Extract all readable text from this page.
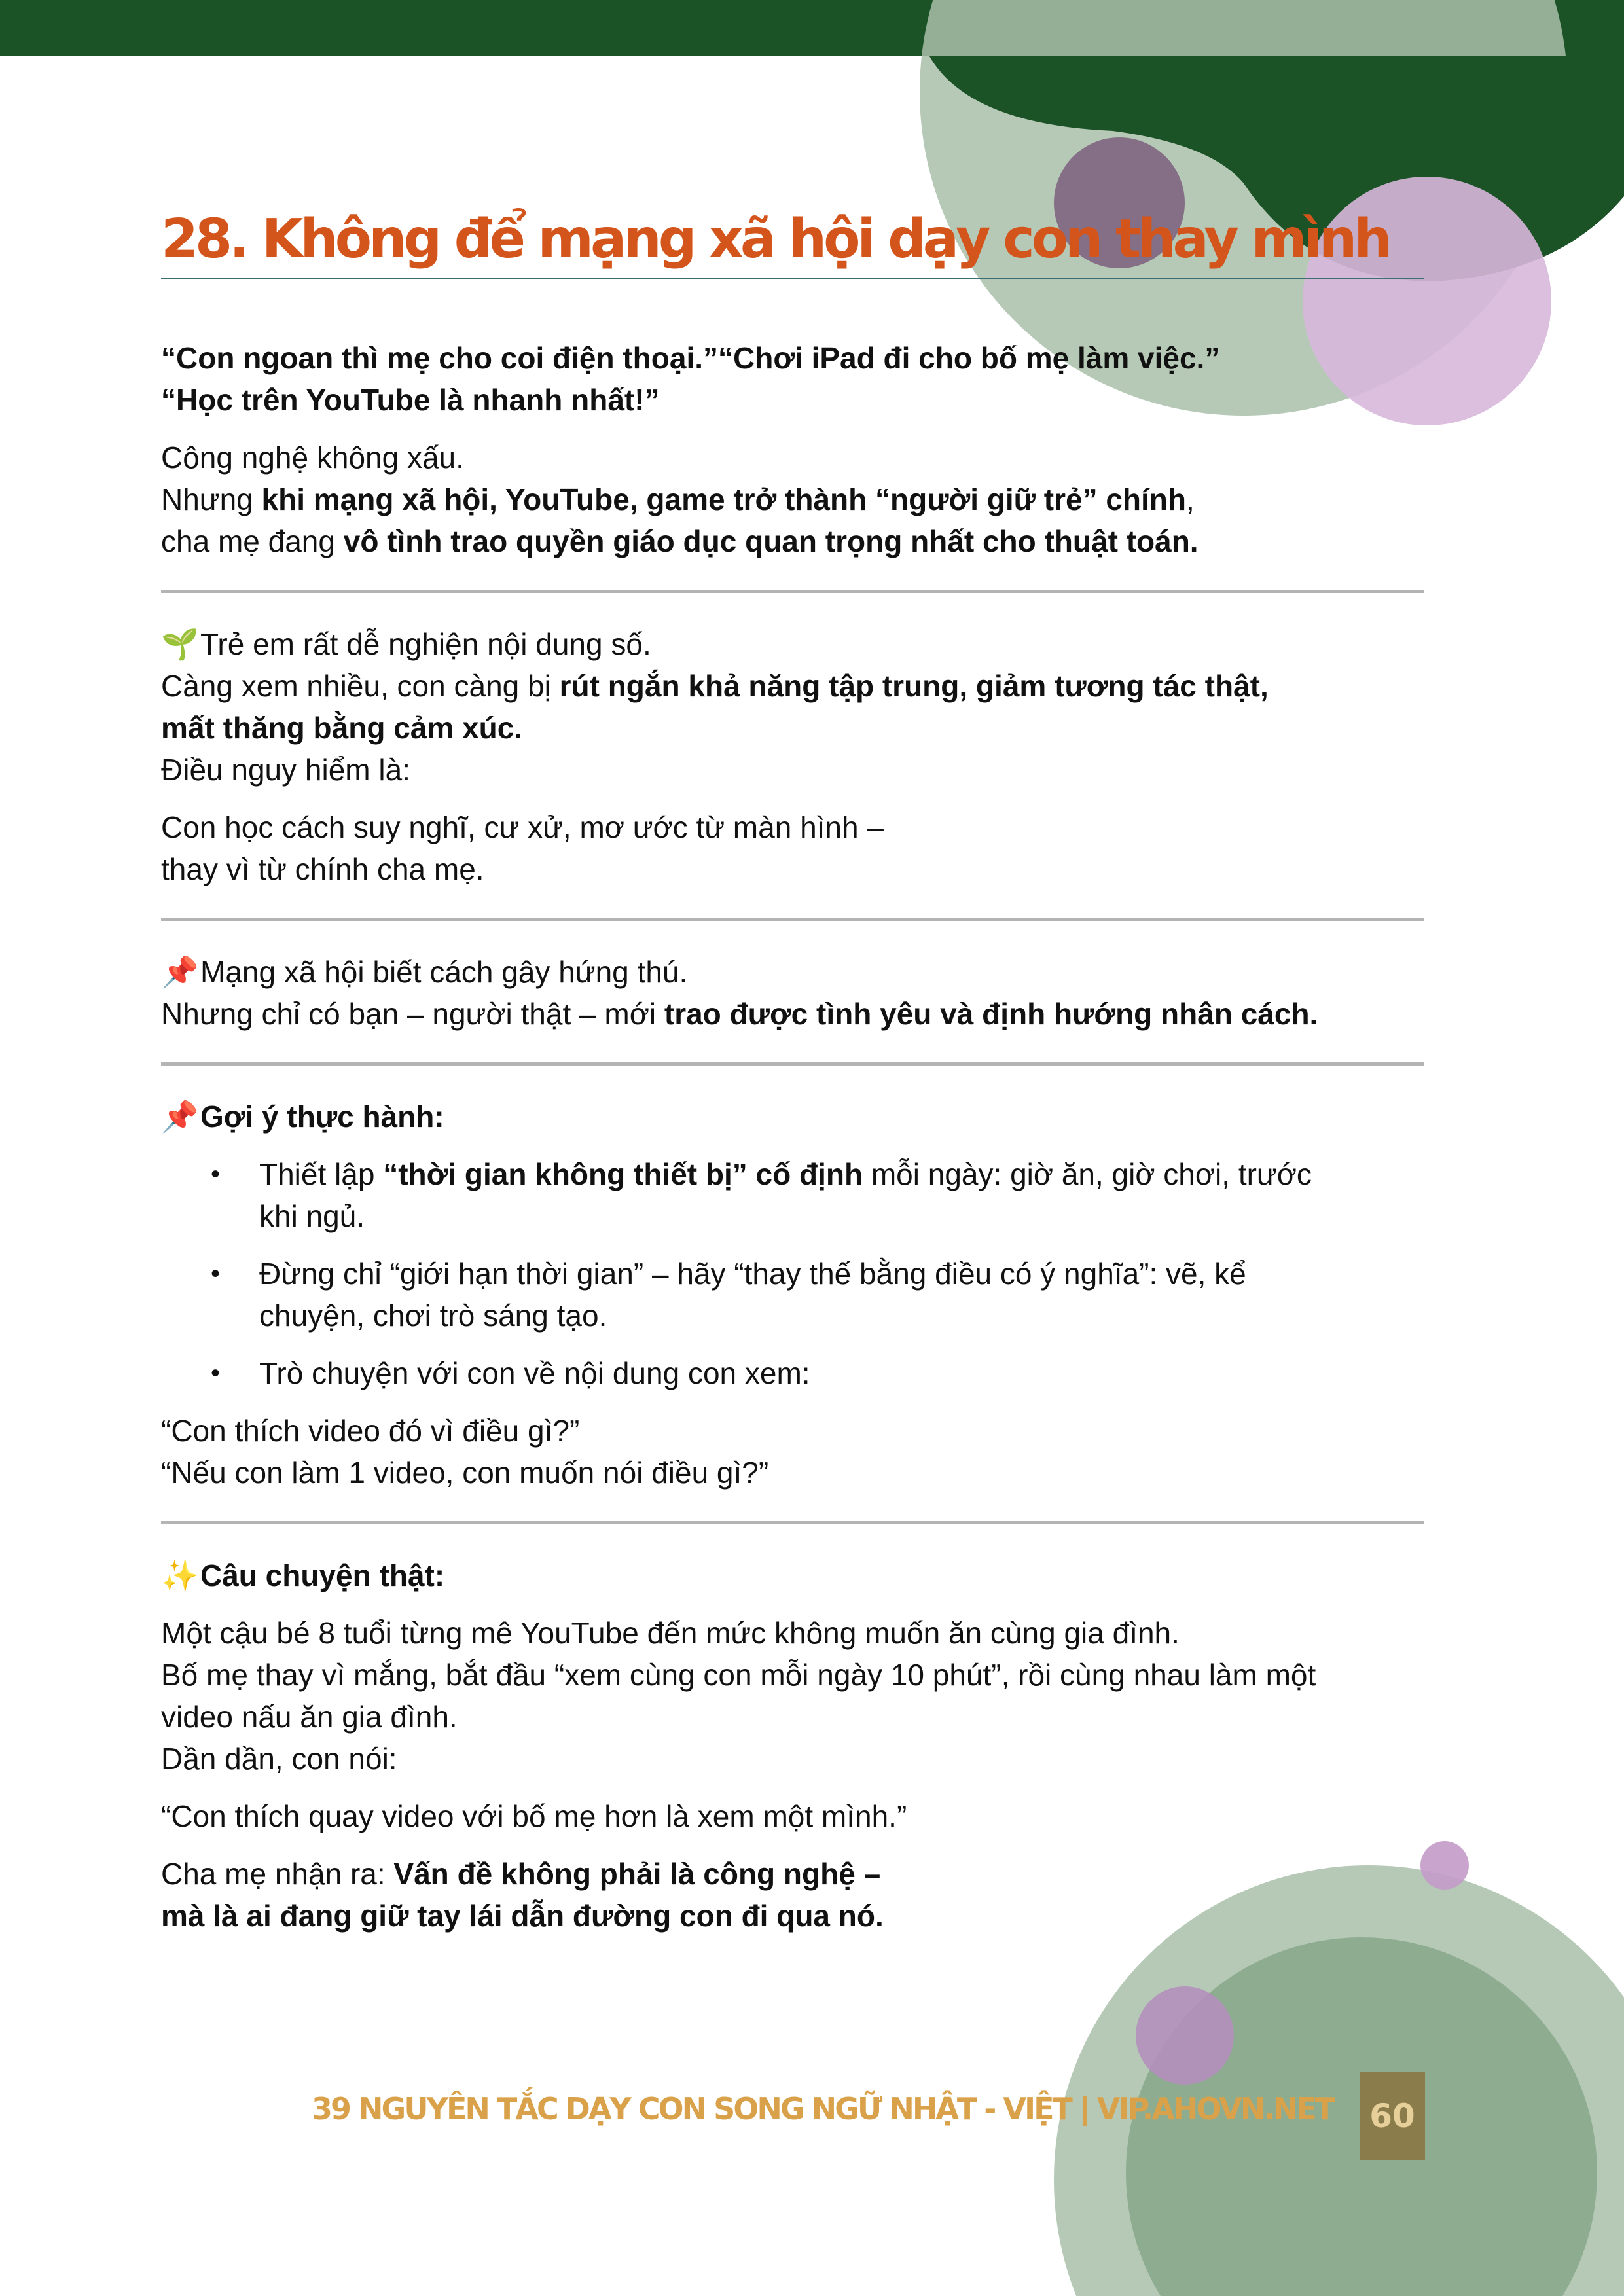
28. Không để mạng xã hội dạy con thay mình

“Con ngoan thì mẹ cho coi điện thoại.”“Chơi iPad đi cho bố mẹ làm việc.”

“Học trên YouTube là nhanh nhất!”

Công nghệ không xấu.

Nhưng khi mạng xã hội, YouTube, game trở thành “người giữ trẻ” chính,

cha mẹ đang vô tình trao quyền giáo dục quan trọng nhất cho thuật toán.

🌱Trẻ em rất dễ nghiện nội dung số.

Càng xem nhiều, con càng bị rút ngắn khả năng tập trung, giảm tương tác thật,

mất thăng bằng cảm xúc.

Điều nguy hiểm là:

Con học cách suy nghĩ, cư xử, mơ ước từ màn hình –

thay vì từ chính cha mẹ.

📌Mạng xã hội biết cách gây hứng thú.

Nhưng chỉ có bạn – người thật – mới trao được tình yêu và định hướng nhân cách.

📌Gợi ý thực hành:

• Thiết lập “thời gian không thiết bị” cố định mỗi ngày: giờ ăn, giờ chơi, trước
khi ngủ.
• Đừng chỉ “giới hạn thời gian” – hãy “thay thế bằng điều có ý nghĩa”: vẽ, kể
chuyện, chơi trò sáng tạo.
• Trò chuyện với con về nội dung con xem:

“Con thích video đó vì điều gì?”

“Nếu con làm 1 video, con muốn nói điều gì?”

✨Câu chuyện thật:

Một cậu bé 8 tuổi từng mê YouTube đến mức không muốn ăn cùng gia đình.

Bố mẹ thay vì mắng, bắt đầu “xem cùng con mỗi ngày 10 phút”, rồi cùng nhau làm một

video nấu ăn gia đình.

Dần dần, con nói:

“Con thích quay video với bố mẹ hơn là xem một mình.”

Cha mẹ nhận ra: Vấn đề không phải là công nghệ –

mà là ai đang giữ tay lái dẫn đường con đi qua nó.

39 NGUYÊN TẮC DẠY CON SONG NGỮ NHẬT - VIỆT | VIP.AHOVN.NET	60
